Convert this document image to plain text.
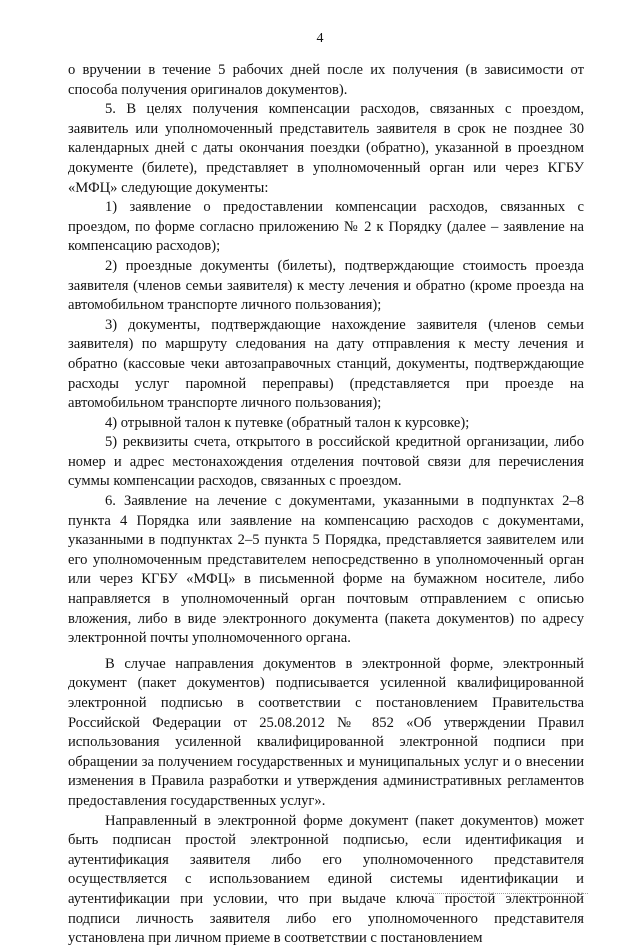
4

о вручении в течение 5 рабочих дней после их получения (в зависимости от способа получения оригиналов документов).

5. В целях получения компенсации расходов, связанных с проездом, заявитель или уполномоченный представитель заявителя в срок не позднее 30 календарных дней с даты окончания поездки (обратно), указанной в проездном документе (билете), представляет в уполномоченный орган или через КГБУ «МФЦ» следующие документы:

1) заявление о предоставлении компенсации расходов, связанных с проездом, по форме согласно приложению № 2 к Порядку (далее – заявление на компенсацию расходов);

2) проездные документы (билеты), подтверждающие стоимость проезда заявителя (членов семьи заявителя) к месту лечения и обратно (кроме проезда на автомобильном транспорте личного пользования);

3) документы, подтверждающие нахождение заявителя (членов семьи заявителя) по маршруту следования на дату отправления к месту лечения и обратно (кассовые чеки автозаправочных станций, документы, подтверждающие расходы услуг паромной переправы) (представляется при проезде на автомобильном транспорте личного пользования);

4) отрывной талон к путевке (обратный талон к курсовке);

5) реквизиты счета, открытого в российской кредитной организации, либо номер и адрес местонахождения отделения почтовой связи для перечисления суммы компенсации расходов, связанных с проездом.

6. Заявление на лечение с документами, указанными в подпунктах 2–8 пункта 4 Порядка или заявление на компенсацию расходов с документами, указанными в подпунктах 2–5 пункта 5 Порядка, представляется заявителем или его уполномоченным представителем непосредственно в уполномоченный орган или через КГБУ «МФЦ» в письменной форме на бумажном носителе, либо направляется в уполномоченный орган почтовым отправлением с описью вложения, либо в виде электронного документа (пакета документов) по адресу электронной почты уполномоченного органа.

В случае направления документов в электронной форме, электронный документ (пакет документов) подписывается усиленной квалифицированной электронной подписью в соответствии с постановлением Правительства Российской Федерации от 25.08.2012 № 852 «Об утверждении Правил использования усиленной квалифицированной электронной подписи при обращении за получением государственных и муниципальных услуг и о внесении изменения в Правила разработки и утверждения административных регламентов предоставления государственных услуг».

Направленный в электронной форме документ (пакет документов) может быть подписан простой электронной подписью, если идентификация и аутентификация заявителя либо его уполномоченного представителя осуществляется с использованием единой системы идентификации и аутентификации при условии, что при выдаче ключа простой электронной подписи личность заявителя либо его уполномоченного представителя установлена при личном приеме в соответствии с постановлением
